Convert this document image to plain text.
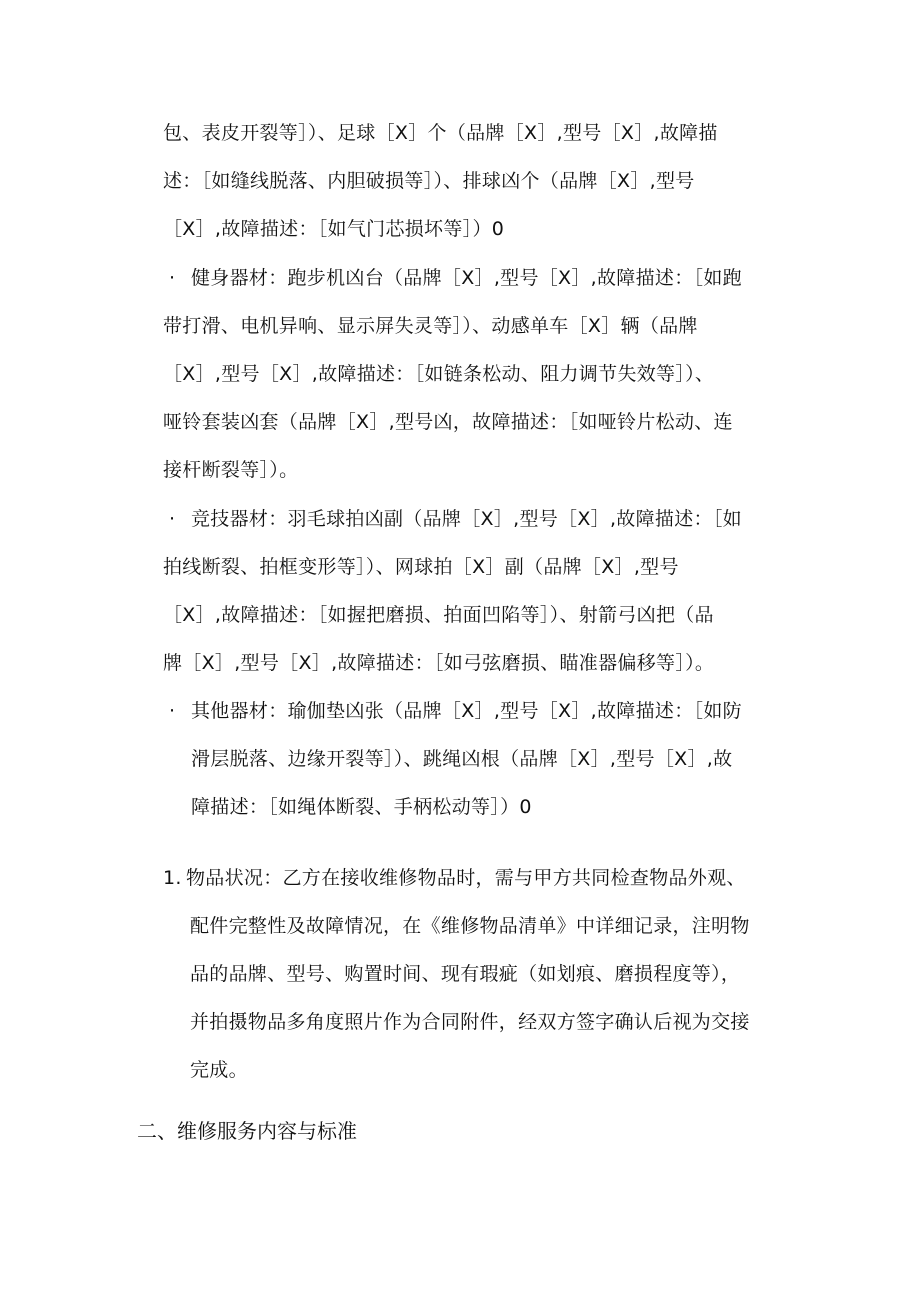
包、表皮开裂等］）、足球［X］个（品牌［X］,型号［X］,故障描
述：［如缝线脱落、内胆破损等］）、排球凶个（品牌［X］,型号
［X］,故障描述：［如气门芯损坏等］）0
· 健身器材：跑步机凶台（品牌［X］,型号［X］,故障描述：［如跑
带打滑、电机异响、显示屏失灵等］）、动感单车［X］辆（品牌
［X］,型号［X］,故障描述：［如链条松动、阻力调节失效等］）、
哑铃套装凶套（品牌［X］,型号凶，故障描述：［如哑铃片松动、连
接杆断裂等］）。
· 竞技器材：羽毛球拍凶副（品牌［X］,型号［X］,故障描述：［如
拍线断裂、拍框变形等］）、网球拍［X］副（品牌［X］,型号
［X］,故障描述：［如握把磨损、拍面凹陷等］）、射箭弓凶把（品
牌［X］,型号［X］,故障描述：［如弓弦磨损、瞄准器偏移等］）。
· 其他器材：瑜伽垫凶张（品牌［X］,型号［X］,故障描述：［如防
滑层脱落、边缘开裂等］）、跳绳凶根（品牌［X］,型号［X］,故
障描述：［如绳体断裂、手柄松动等］）0
1. 物品状况：乙方在接收维修物品时，需与甲方共同检查物品外观、
配件完整性及故障情况，在《维修物品清单》中详细记录，注明物
品的品牌、型号、购置时间、现有瑕疵（如划痕、磨损程度等），
并拍摄物品多角度照片作为合同附件，经双方签字确认后视为交接
完成。
二、维修服务内容与标准
